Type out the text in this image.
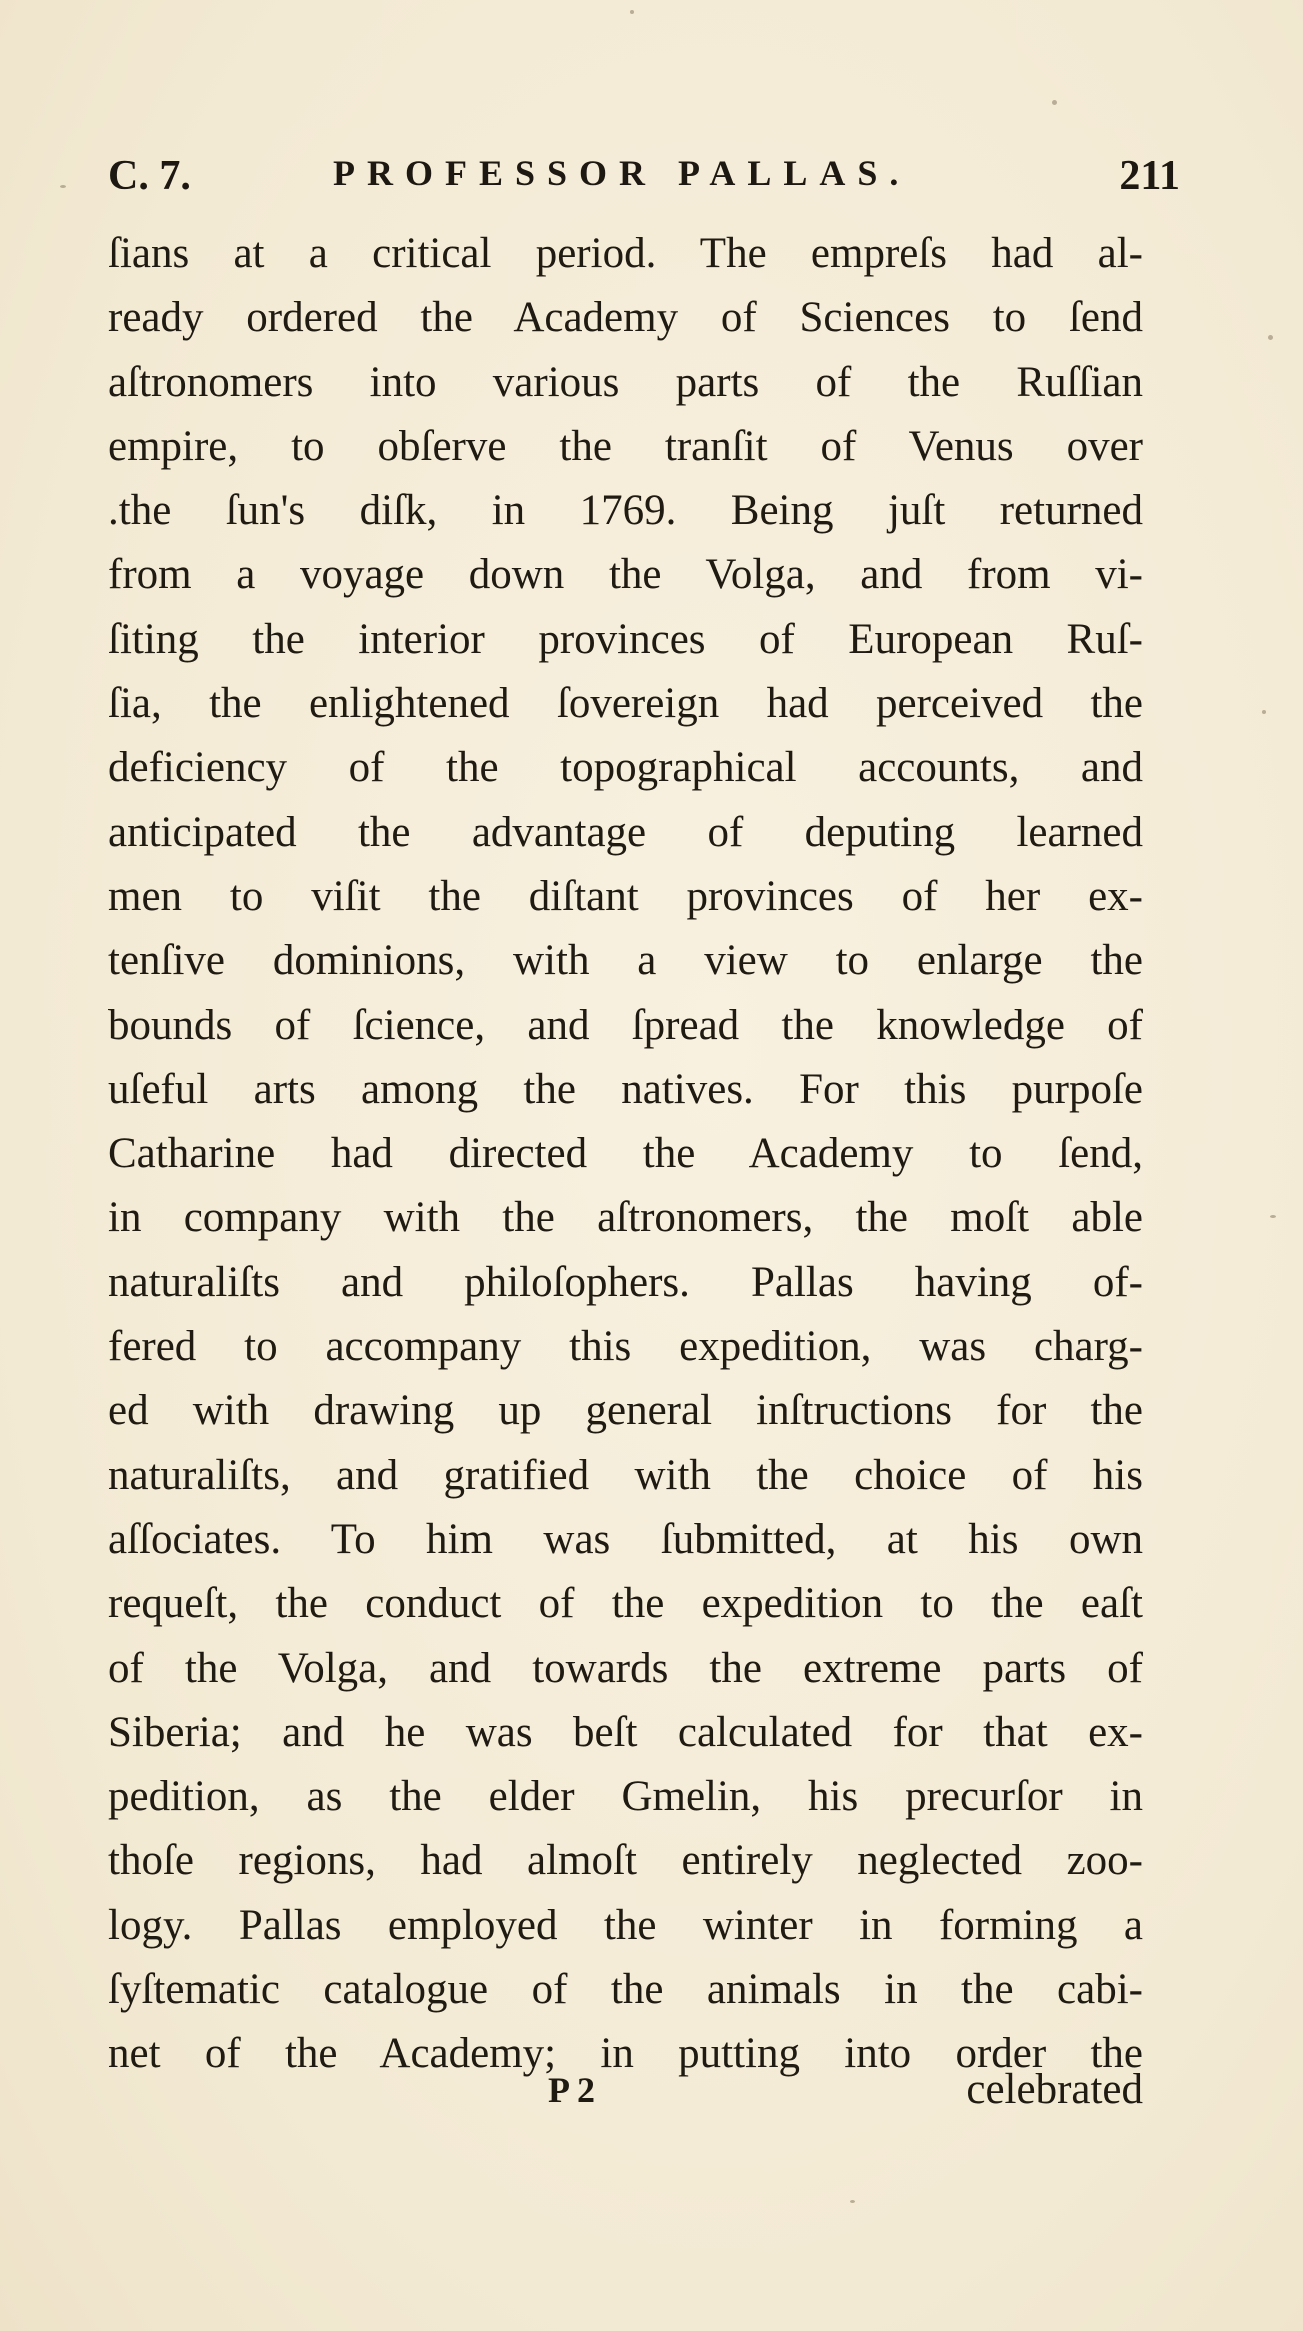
C. 7.	PROFESSOR PALLAS.	211
ſians at a critical period. The empreſs had al-
ready ordered the Academy of Sciences to ſend
aſtronomers into various parts of the Ruſſian
empire, to obſerve the tranſit of Venus over
.the ſun's diſk, in 1769. Being juſt returned
from a voyage down the Volga, and from vi-
ſiting the interior provinces of European Ruſ-
ſia, the enlightened ſovereign had perceived the
deficiency of the topographical accounts, and
anticipated the advantage of deputing learned
men to viſit the diſtant provinces of her ex-
tenſive dominions, with a view to enlarge the
bounds of ſcience, and ſpread the knowledge of
uſeful arts among the natives. For this purpoſe
Catharine had directed the Academy to ſend,
in company with the aſtronomers, the moſt able
naturaliſts and philoſophers. Pallas having of-
fered to accompany this expedition, was charg-
ed with drawing up general inſtructions for the
naturaliſts, and gratified with the choice of his
aſſociates. To him was ſubmitted, at his own
requeſt, the conduct of the expedition to the eaſt
of the Volga, and towards the extreme parts of
Siberia; and he was beſt calculated for that ex-
pedition, as the elder Gmelin, his precurſor in
thoſe regions, had almoſt entirely neglected zoo-
logy. Pallas employed the winter in forming a
ſyſtematic catalogue of the animals in the cabi-
net of the Academy; in putting into order the
P 2	celebrated
